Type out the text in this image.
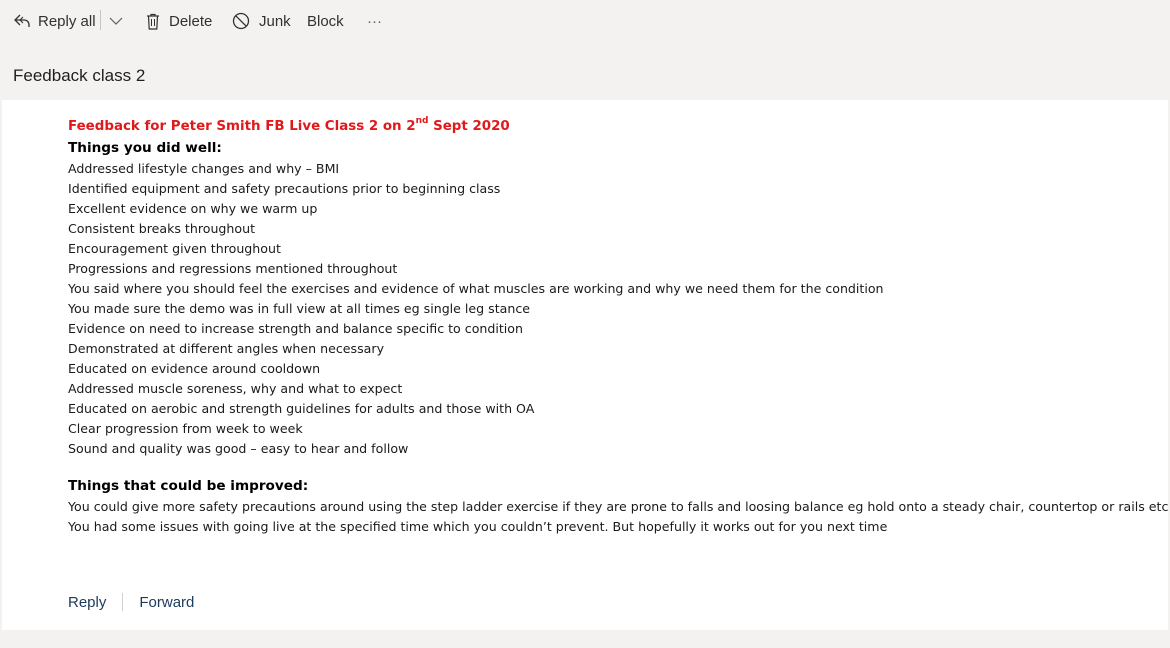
Reply all	Delete	Junk Block ···
Feedback class 2
Feedback for Peter Smith FB Live Class 2 on 2nd Sept 2020
Things you did well:
Addressed lifestyle changes and why – BMI
Identified equipment and safety precautions prior to beginning class
Excellent evidence on why we warm up
Consistent breaks throughout
Encouragement given throughout
Progressions and regressions mentioned throughout
You said where you should feel the exercises and evidence of what muscles are working and why we need them for the condition
You made sure the demo was in full view at all times eg single leg stance
Evidence on need to increase strength and balance specific to condition
Demonstrated at different angles when necessary
Educated on evidence around cooldown
Addressed muscle soreness, why and what to expect
Educated on aerobic and strength guidelines for adults and those with OA
Clear progression from week to week
Sound and quality was good – easy to hear and follow
Things that could be improved:
You could give more safety precautions around using the step ladder exercise if they are prone to falls and loosing balance eg hold onto a steady chair, countertop or rails etc
You had some issues with going live at the specified time which you couldn’t prevent. But hopefully it works out for you next time
Reply Forward
